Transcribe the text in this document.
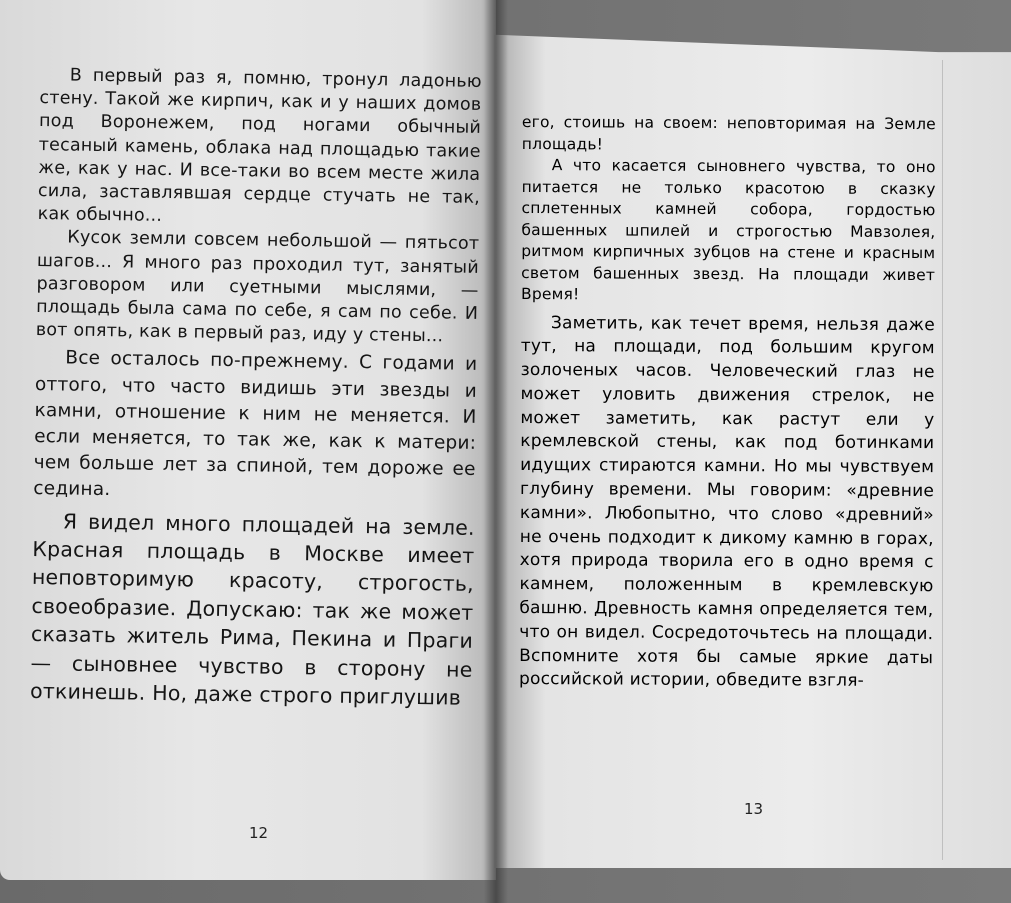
В первый раз я, помню, тронул ладонью стену. Такой же кирпич, как и у наших домов под Воронежем, под ногами обычный тесаный камень, облака над площадью такие же, как у нас. И все-таки во всем месте жила сила, заставлявшая сердце стучать не так, как обычно...

Кусок земли совсем небольшой — пятьсот шагов... Я много раз проходил тут, занятый разговором или суетными мыслями, — площадь была сама по себе, я сам по себе. И вот опять, как в первый раз, иду у стены...

Все осталось по-прежнему. С годами и оттого, что часто видишь эти звезды и камни, отношение к ним не меняется. И если меняется, то так же, как к матери: чем больше лет за спиной, тем дороже ее седина.

Я видел много площадей на земле. Красная площадь в Москве имеет неповторимую красоту, строгость, своеобразие. Допускаю: так же может сказать житель Рима, Пекина и Праги — сыновнее чувство в сторону не откинешь. Но, даже строго приглушив

12

его, стоишь на своем: неповторимая на Земле площадь!

А что касается сыновнего чувства, то оно питается не только красотою в сказку сплетенных камней собора, гордостью башенных шпилей и строгостью Мавзолея, ритмом кирпичных зубцов на стене и красным светом башенных звезд. На площади живет Время!

Заметить, как течет время, нельзя даже тут, на площади, под большим кругом золоченых часов. Человеческий глаз не может уловить движения стрелок, не может заметить, как растут ели у кремлевской стены, как под ботинками идущих стираются камни. Но мы чувствуем глубину времени. Мы говорим: «древние камни». Любопытно, что слово «древний» не очень подходит к дикому камню в горах, хотя природа творила его в одно время с камнем, положенным в кремлевскую башню. Древность камня определяется тем, что он видел. Сосредоточьтесь на площади. Вспомните хотя бы самые яркие даты российской истории, обведите взгля-

13
